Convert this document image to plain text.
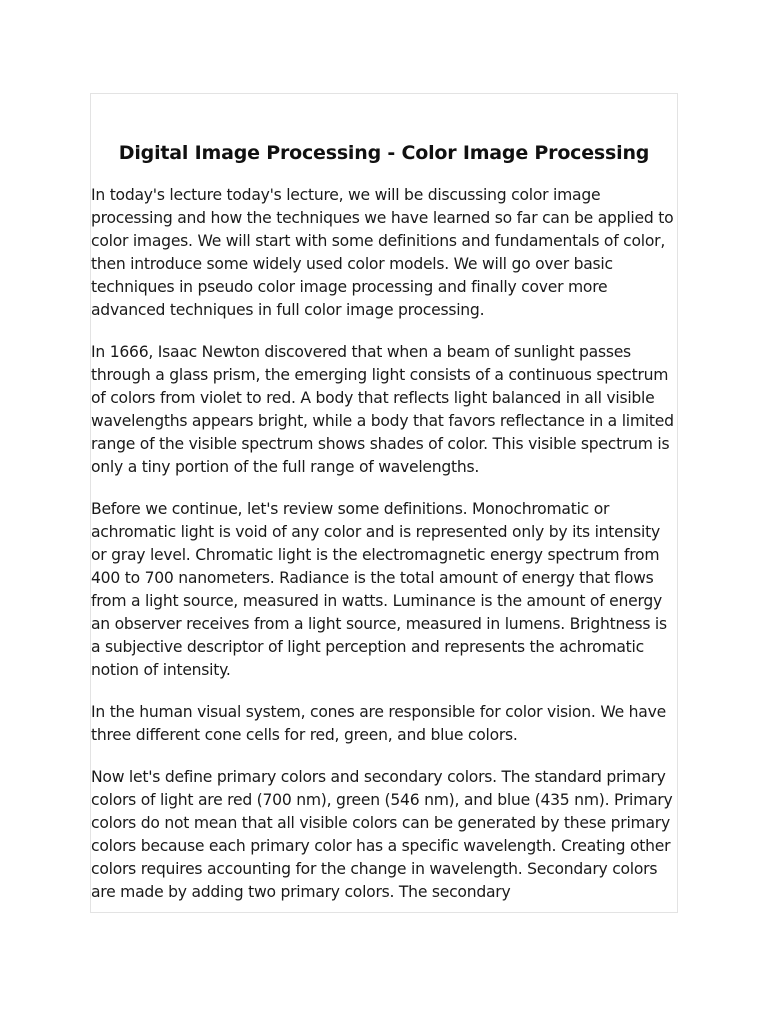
Digital Image Processing - Color Image Processing

In today's lecture today's lecture, we will be discussing color image processing and how the techniques we have learned so far can be applied to color images. We will start with some definitions and fundamentals of color, then introduce some widely used color models. We will go over basic techniques in pseudo color image processing and finally cover more advanced techniques in full color image processing.

In 1666, Isaac Newton discovered that when a beam of sunlight passes through a glass prism, the emerging light consists of a continuous spectrum of colors from violet to red. A body that reflects light balanced in all visible wavelengths appears bright, while a body that favors reflectance in a limited range of the visible spectrum shows shades of color. This visible spectrum is only a tiny portion of the full range of wavelengths.

Before we continue, let's review some definitions. Monochromatic or achromatic light is void of any color and is represented only by its intensity or gray level. Chromatic light is the electromagnetic energy spectrum from 400 to 700 nanometers. Radiance is the total amount of energy that flows from a light source, measured in watts. Luminance is the amount of energy an observer receives from a light source, measured in lumens. Brightness is a subjective descriptor of light perception and represents the achromatic notion of intensity.

In the human visual system, cones are responsible for color vision. We have three different cone cells for red, green, and blue colors.

Now let's define primary colors and secondary colors. The standard primary colors of light are red (700 nm), green (546 nm), and blue (435 nm). Primary colors do not mean that all visible colors can be generated by these primary colors because each primary color has a specific wavelength. Creating other colors requires accounting for the change in wavelength. Secondary colors are made by adding two primary colors. The secondary
